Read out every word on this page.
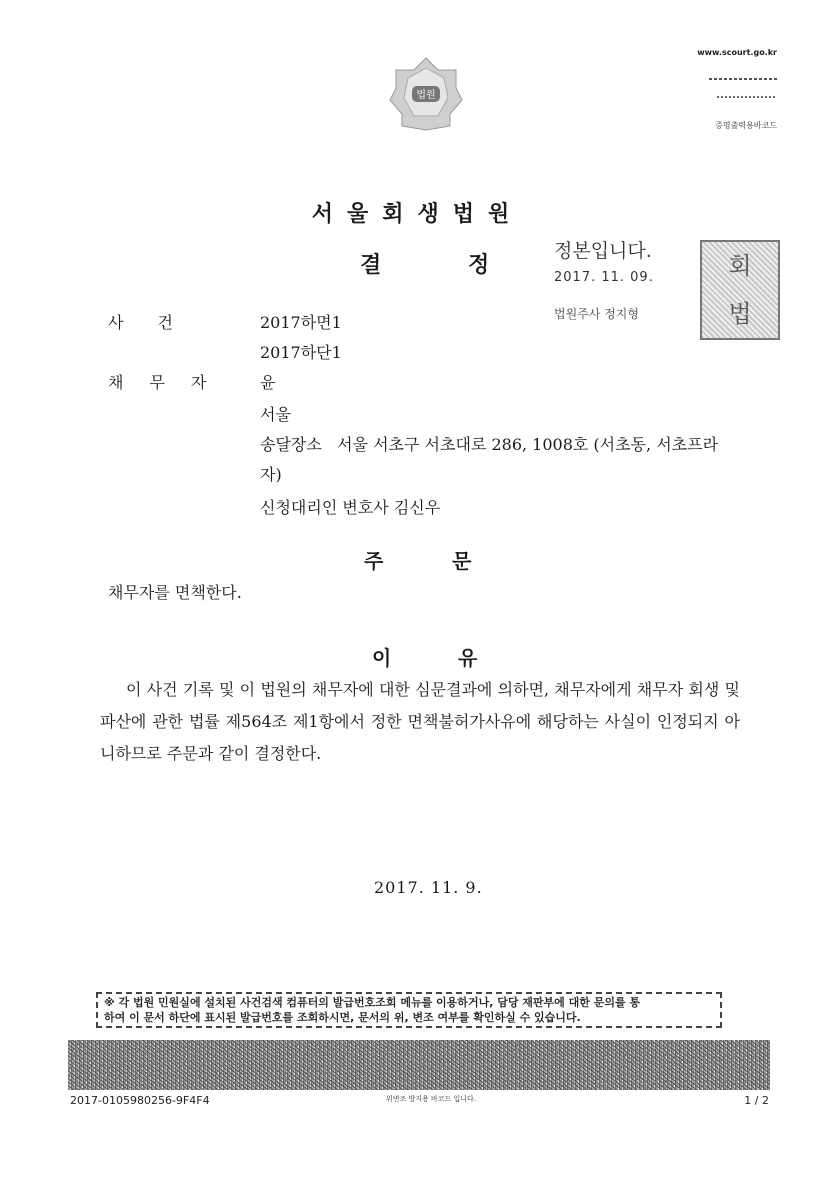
법원
www.scourt.go.kr
증명출력용바코드
서울회생법원
결	정
정본입니다.
2017. 11. 09.
법원주사 정지형
회
법
사건	2017하면1
2017하단1
채무자 윤
서울
송달장소 서울 서초구 서초대로 286, 1008호 (서초동, 서초프라
자)
신청대리인 변호사 김신우
주	문
채무자를 면책한다.
이	유
이 사건 기록 및 이 법원의 채무자에 대한 심문결과에 의하면, 채무자에게 채무자 회생 및 파산에 관한 법률 제564조 제1항에서 정한 면책불허가사유에 해당하는 사실이 인정되지 아니하므로 주문과 같이 결정한다.
2017. 11. 9.
※ 각 법원 민원실에 설치된 사건검색 컴퓨터의 발급번호조회 메뉴를 이용하거나, 담당 재판부에 대한 문의를 통
하여 이 문서 하단에 표시된 발급번호를 조회하시면, 문서의 위, 변조 여부를 확인하실 수 있습니다.
2017-0105980256-9F4F4	위변조 방지용 바코드 입니다.	1 / 2
